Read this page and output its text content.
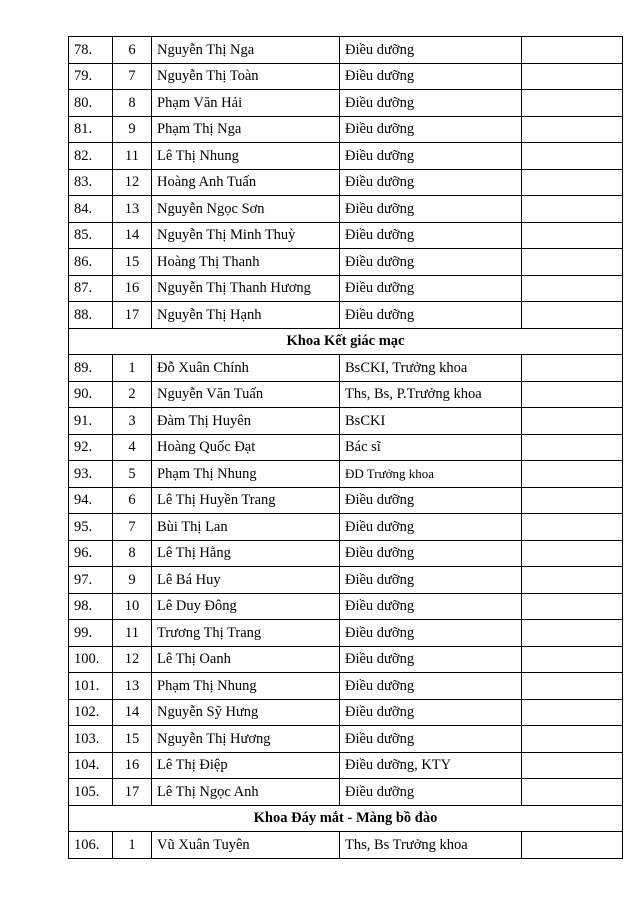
78.	6	Nguyễn Thị Nga	Điều dưỡng	
79.	7	Nguyễn Thị Toàn	Điều dưỡng	
80.	8	Phạm Văn Hải	Điều dưỡng	
81.	9	Phạm Thị Nga	Điều dưỡng	
82.	11	Lê Thị Nhung	Điều dưỡng	
83.	12	Hoàng Anh Tuấn	Điều dưỡng	
84.	13	Nguyễn Ngọc Sơn	Điều dưỡng	
85.	14	Nguyễn Thị Minh Thuỳ	Điều dưỡng	
86.	15	Hoàng Thị Thanh	Điều dưỡng	
87.	16	Nguyễn Thị Thanh Hương	Điều dưỡng	
88.	17	Nguyễn Thị Hạnh	Điều dưỡng	
Khoa Kết giác mạc				
89.	1	Đỗ Xuân Chính	BsCKI, Trưởng khoa	
90.	2	Nguyễn Văn Tuấn	Ths, Bs, P.Trưởng khoa	
91.	3	Đàm Thị Huyên	BsCKI	
92.	4	Hoàng Quốc Đạt	Bác sĩ	
93.	5	Phạm Thị Nhung	ĐD Trưởng khoa	
94.	6	Lê Thị Huyền Trang	Điều dưỡng	
95.	7	Bùi Thị Lan	Điều dưỡng	
96.	8	Lê Thị Hằng	Điều dưỡng	
97.	9	Lê Bá Huy	Điều dưỡng	
98.	10	Lê Duy Đông	Điều dưỡng	
99.	11	Trương Thị Trang	Điều dưỡng	
100.	12	Lê Thị Oanh	Điều dưỡng	
101.	13	Phạm Thị Nhung	Điều dưỡng	
102.	14	Nguyễn Sỹ Hưng	Điều dưỡng	
103.	15	Nguyễn Thị Hương	Điều dưỡng	
104.	16	Lê Thị Điệp	Điều dưỡng, KTY	
105.	17	Lê Thị Ngọc Anh	Điều dưỡng	
Khoa Đáy mắt - Màng bồ đào				
106.	1	Vũ Xuân Tuyên	Ths, Bs Trưởng khoa	
